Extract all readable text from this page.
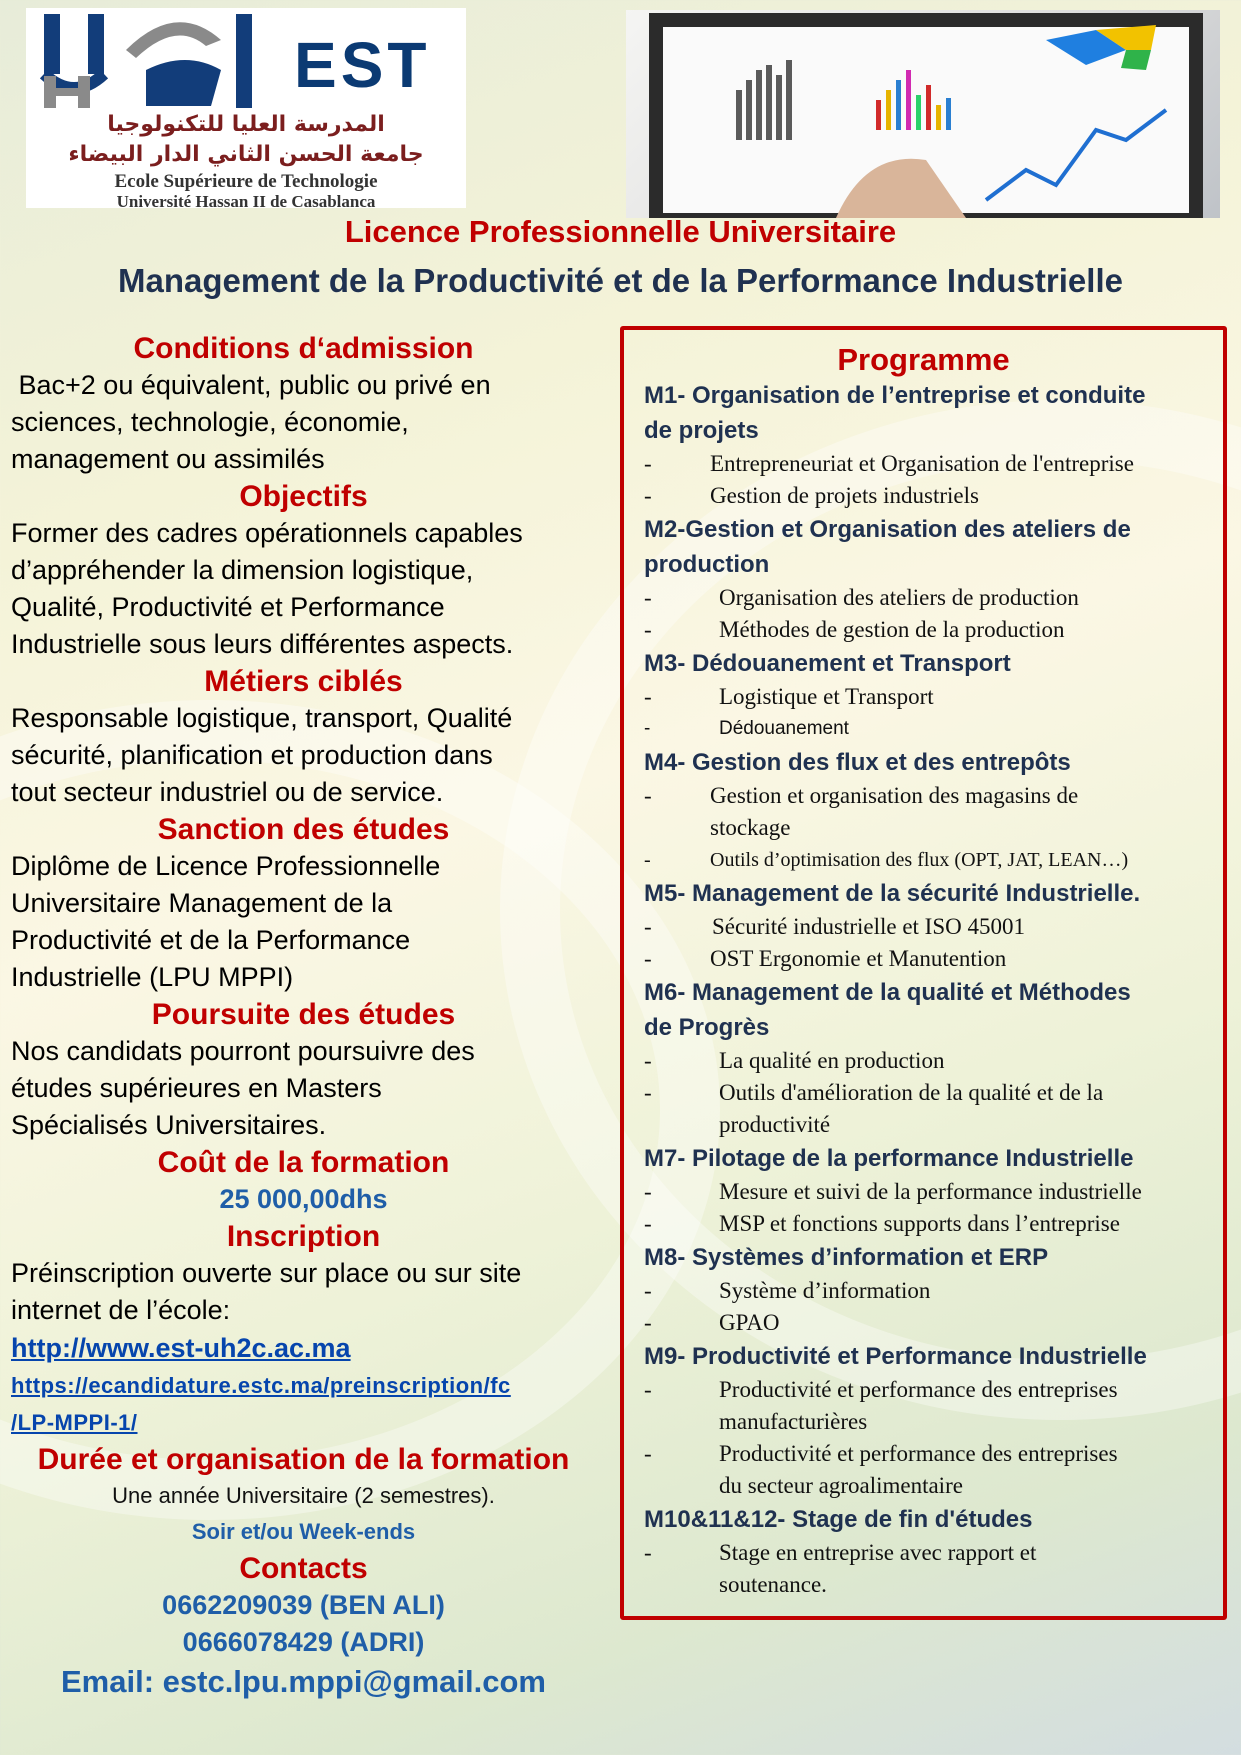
EST
المدرسة العليا للتكنولوجيا
جامعة الحسن الثاني الدار البيضاء
Ecole Supérieure de Technologie
Université Hassan II de Casablanca
Licence Professionnelle Universitaire
Management de la Productivité et de la Performance Industrielle
Conditions d‘admission
Bac+2 ou équivalent, public ou privé en
sciences, technologie, économie,
management ou assimilés
Objectifs
Former des cadres opérationnels capables
d’appréhender la dimension logistique,
Qualité, Productivité et Performance
Industrielle sous leurs différentes aspects.
Métiers ciblés
Responsable logistique, transport, Qualité
sécurité, planification et production dans
tout secteur industriel ou de service.
Sanction des études
Diplôme de Licence Professionnelle
Universitaire Management de la
Productivité et de la Performance
Industrielle (LPU MPPI)
Poursuite des études
Nos candidats pourront poursuivre des
études supérieures en Masters
Spécialisés Universitaires.
Coût de la formation
25 000,00dhs
Inscription
Préinscription ouverte sur place ou sur site
internet de l’école:
http://www.est-uh2c.ac.ma
https://ecandidature.estc.ma/preinscription/fc
/LP-MPPI-1/
Durée et organisation de la formation
Une année Universitaire (2 semestres).
Soir et/ou Week-ends
Contacts
0662209039 (BEN ALI)
0666078429 (ADRI)
Email: estc.lpu.mppi@gmail.com
Programme
M1- Organisation de l’entreprise et conduite
de projets
-	Entrepreneuriat et Organisation de l'entreprise
-	Gestion de projets industriels
M2-Gestion et Organisation des ateliers de
production
-	Organisation des ateliers de production
-	Méthodes de gestion de la production
M3- Dédouanement et Transport
-	Logistique et Transport
-	Dédouanement
M4- Gestion des flux et des entrepôts
-	Gestion et organisation des magasins de
stockage
-	Outils d’optimisation des flux (OPT, JAT, LEAN…)
M5- Management de la sécurité Industrielle.
-	Sécurité industrielle et ISO 45001
-	OST Ergonomie et Manutention
M6- Management de la qualité et Méthodes
de Progrès
-	La qualité en production
-	Outils d'amélioration de la qualité et de la
productivité
M7- Pilotage de la performance Industrielle
-	Mesure et suivi de la performance industrielle
-	MSP et fonctions supports dans l’entreprise
M8- Systèmes d’information et ERP
-	Système d’information
-	GPAO
M9- Productivité et Performance Industrielle
-	Productivité et performance des entreprises
manufacturières
-	Productivité et performance des entreprises
du secteur agroalimentaire
M10&11&12- Stage de fin d'études
-	Stage en entreprise avec rapport et
soutenance.
